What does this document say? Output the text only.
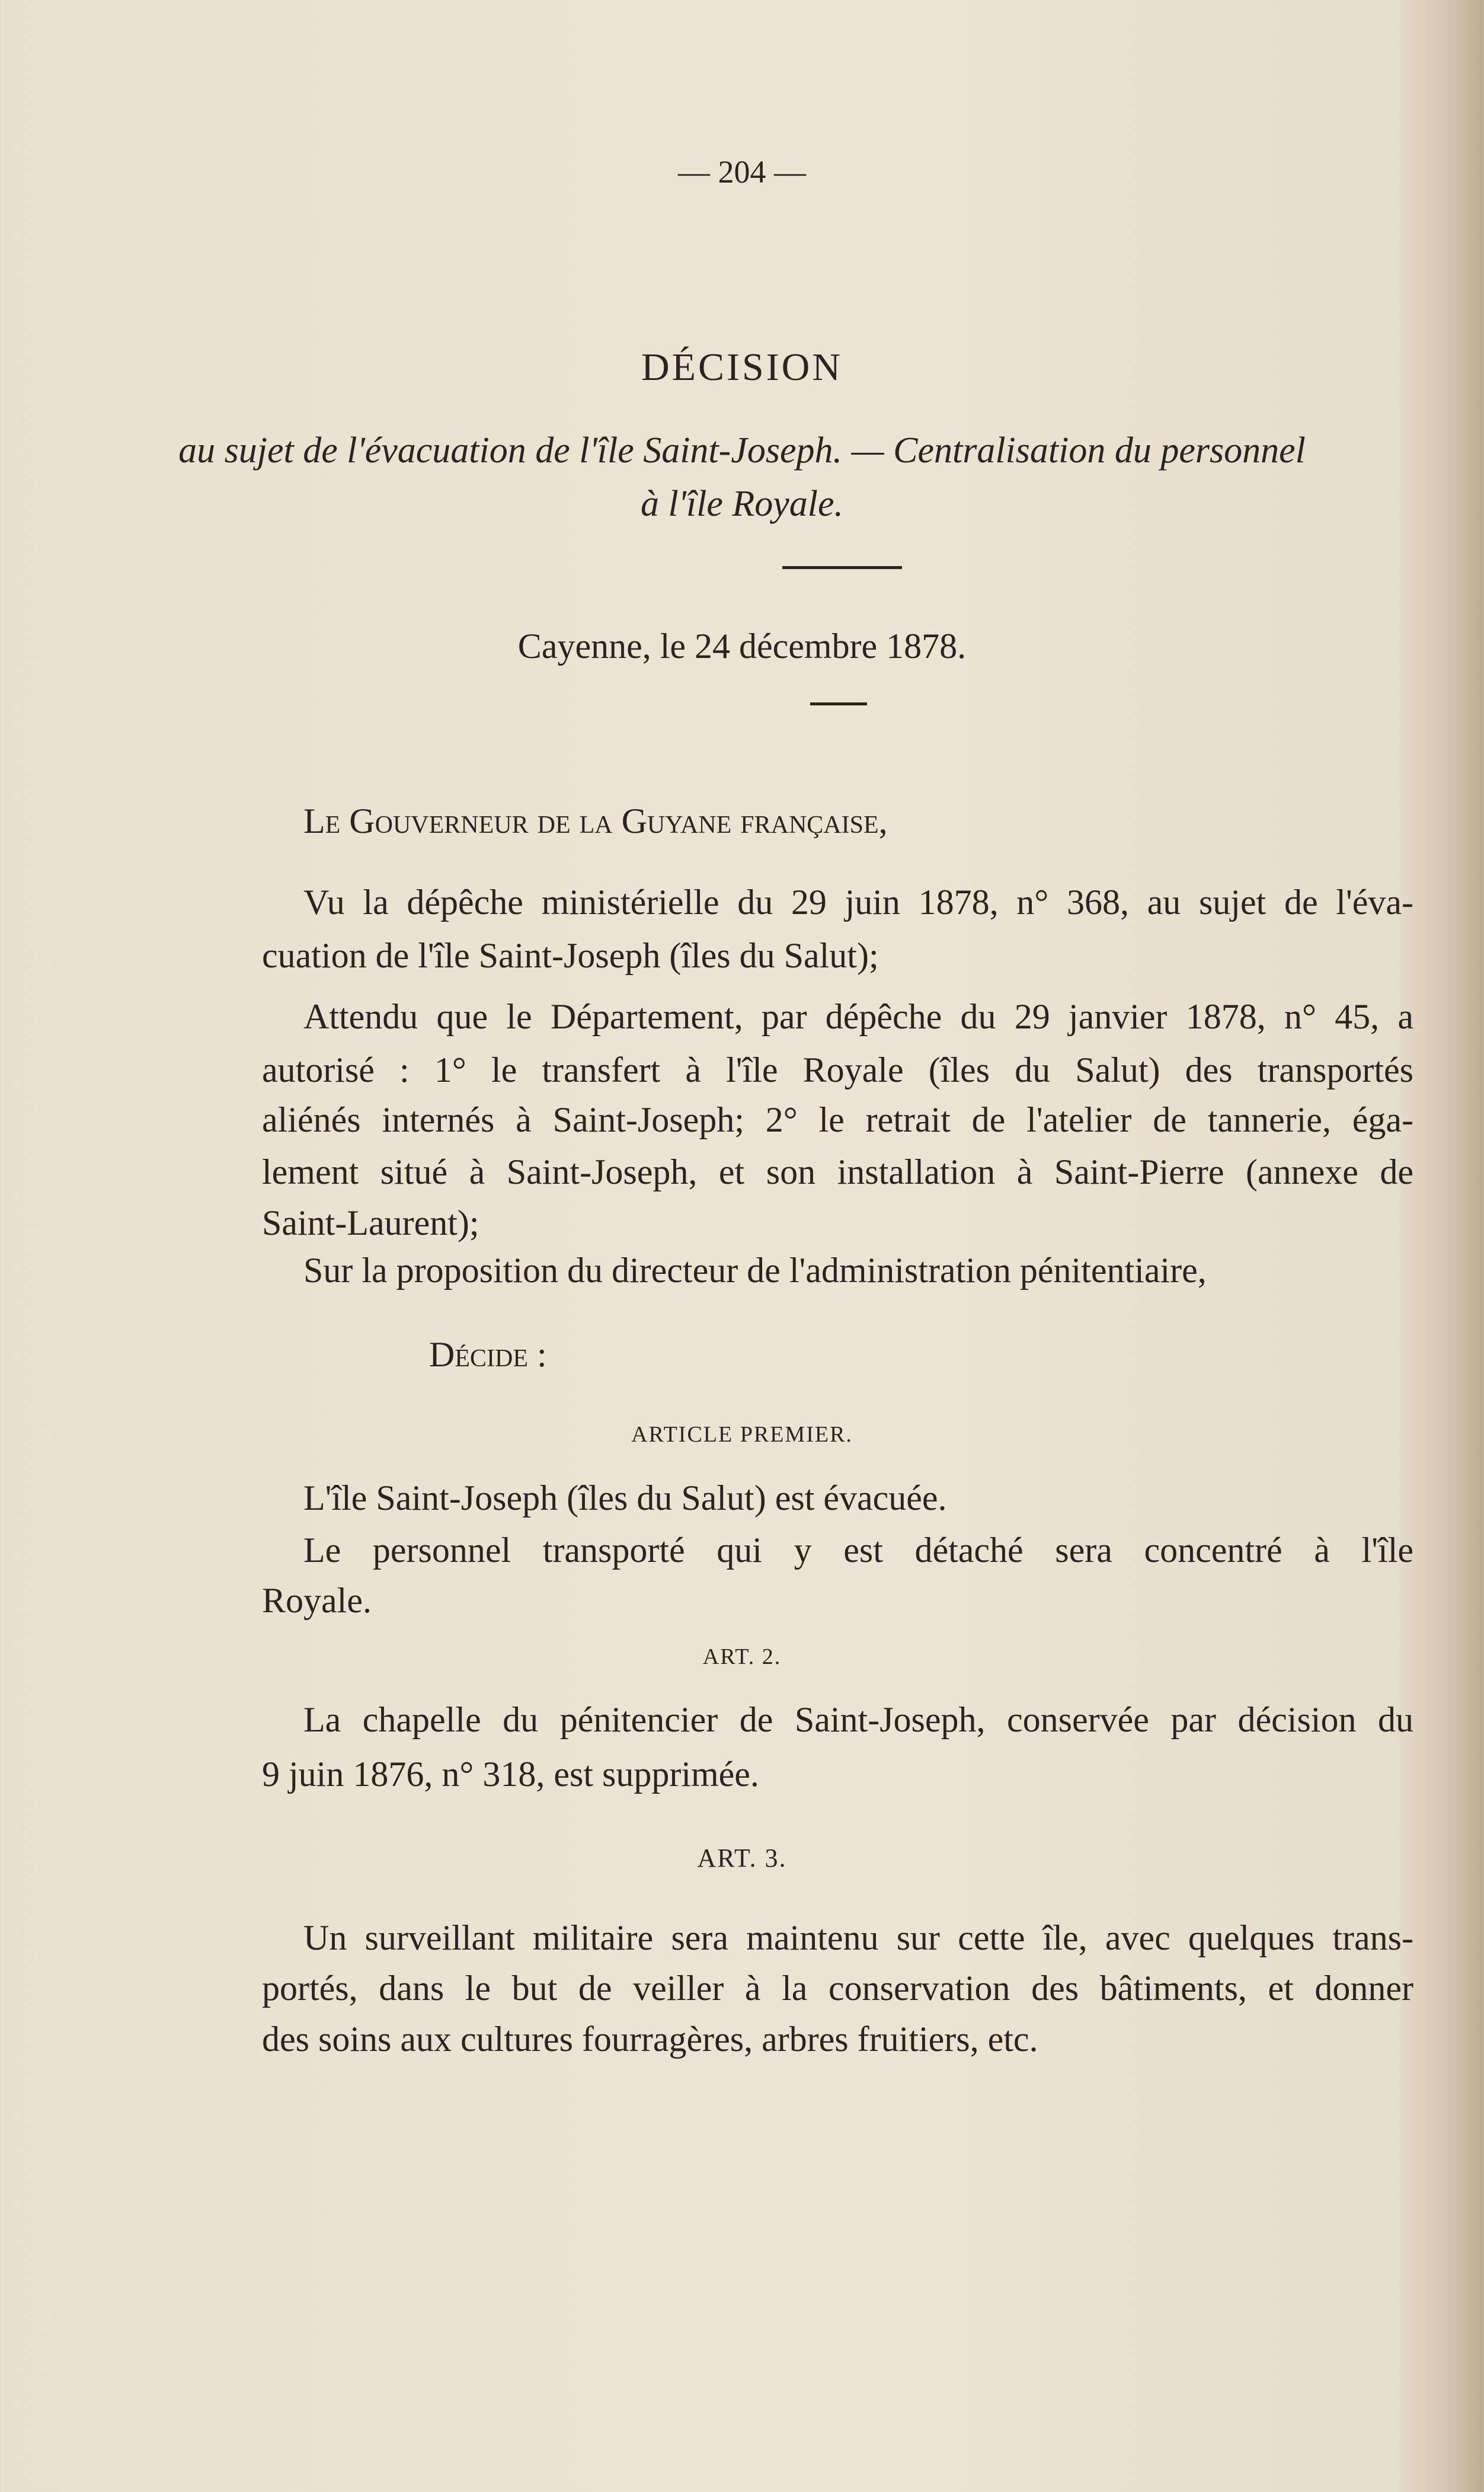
— 204 —
DÉCISION
au sujet de l'évacuation de l'île Saint-Joseph. — Centralisation du personnel
à l'île Royale.
Cayenne, le 24 décembre 1878.
Le Gouverneur de la Guyane française,
Vu la dépêche ministérielle du 29 juin 1878, n° 368, au sujet de l'éva-
cuation de l'île Saint-Joseph (îles du Salut);
Attendu que le Département, par dépêche du 29 janvier 1878, n° 45, a
autorisé : 1° le transfert à l'île Royale (îles du Salut) des transportés
aliénés internés à Saint-Joseph; 2° le retrait de l'atelier de tannerie, éga-
lement situé à Saint-Joseph, et son installation à Saint-Pierre (annexe de
Saint-Laurent);
Sur la proposition du directeur de l'administration pénitentiaire,
Décide :
ARTICLE PREMIER.
L'île Saint-Joseph (îles du Salut) est évacuée.
Le personnel transporté qui y est détaché sera concentré à l'île
Royale.
ART. 2.
La chapelle du pénitencier de Saint-Joseph, conservée par décision du
9 juin 1876, n° 318, est supprimée.
ART. 3.
Un surveillant militaire sera maintenu sur cette île, avec quelques trans-
portés, dans le but de veiller à la conservation des bâtiments, et donner
des soins aux cultures fourragères, arbres fruitiers, etc.
